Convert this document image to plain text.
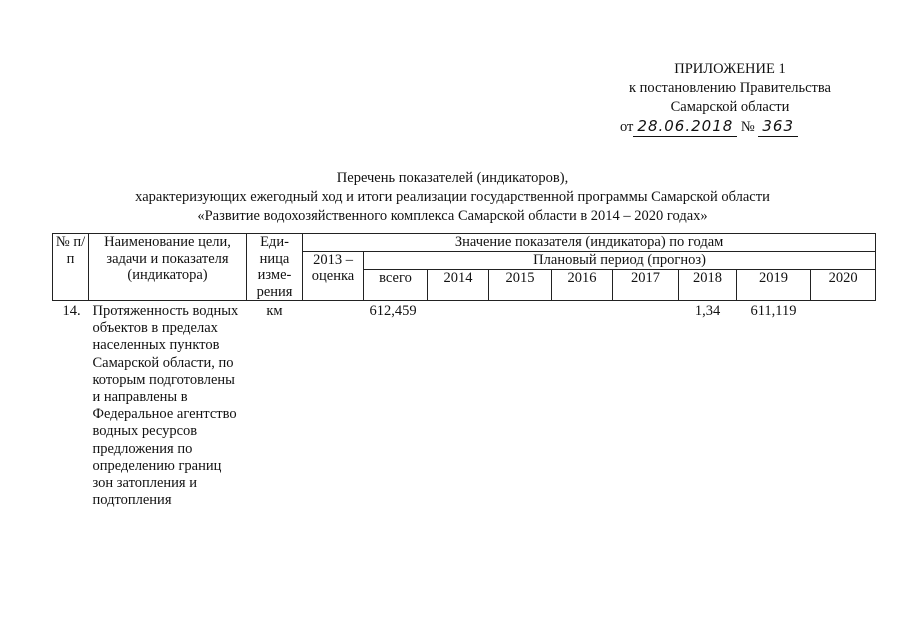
ПРИЛОЖЕНИЕ 1
к постановлению Правительства
Самарской области
от 28.06.2018 № 363
Перечень показателей (индикаторов),
характеризующих ежегодный ход и итоги реализации государственной программы Самарской области
«Развитие водохозяйственного комплекса Самарской области в 2014 – 2020 годах»
№ п/п	Наименование цели, задачи и показателя (индикатора)	Еди-ница изме-рения	Значение показателя (индикатора) по годам								
			2013 – оценка	Плановый период (прогноз)							
				всего	2014	2015	2016	2017	2018	2019	2020
14.	Протяженность водных объектов в пределах населенных пунктов Самарской области, по которым подготовлены и направлены в Федеральное агентство водных ресурсов предложения по определению границ зон затопления и подтопления	км		612,459					1,34	611,119	
